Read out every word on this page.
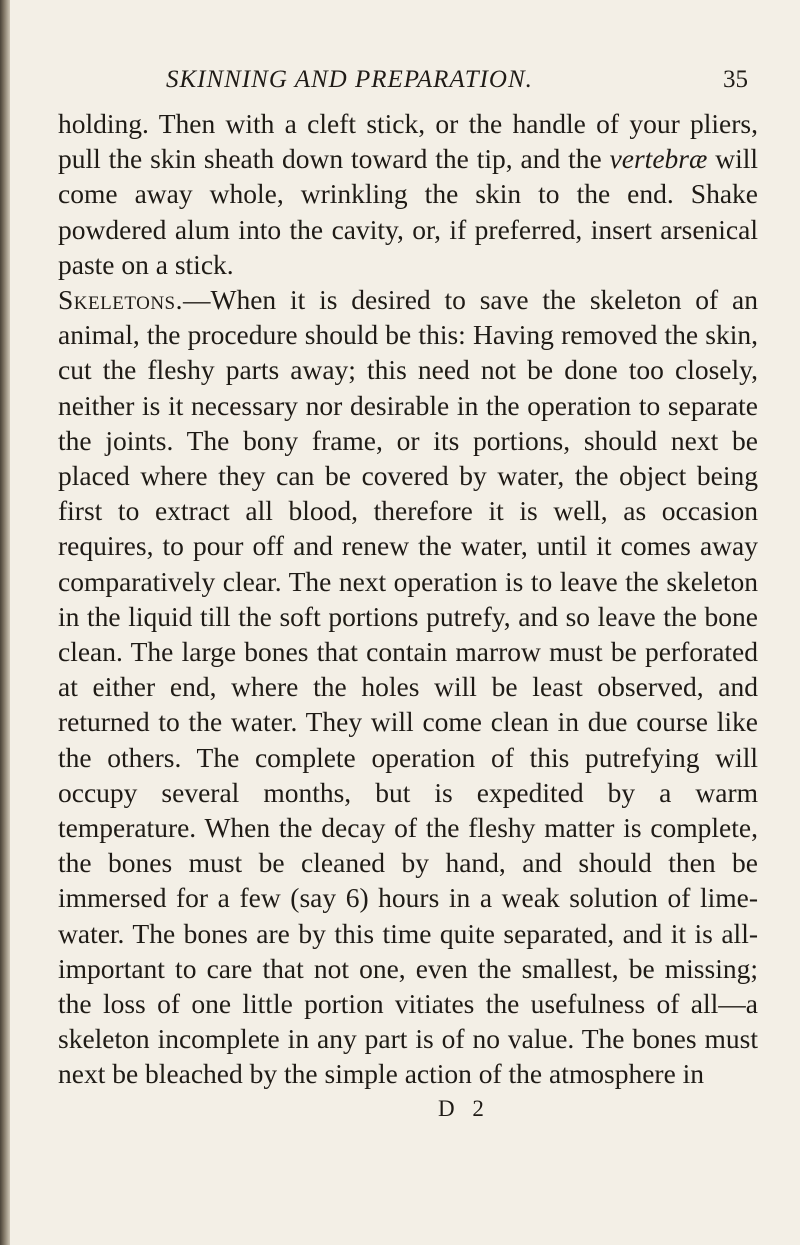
SKINNING AND PREPARATION.	35

holding. Then with a cleft stick, or the handle of your pliers, pull the skin sheath down toward the tip, and the vertebræ will come away whole, wrinkling the skin to the end. Shake powdered alum into the cavity, or, if preferred, insert arsenical paste on a stick.

Skeletons.—When it is desired to save the skeleton of an animal, the procedure should be this: Having removed the skin, cut the fleshy parts away; this need not be done too closely, neither is it necessary nor desirable in the operation to separate the joints. The bony frame, or its portions, should next be placed where they can be covered by water, the object being first to extract all blood, therefore it is well, as occasion requires, to pour off and renew the water, until it comes away comparatively clear. The next operation is to leave the skeleton in the liquid till the soft portions putrefy, and so leave the bone clean. The large bones that contain marrow must be perforated at either end, where the holes will be least observed, and returned to the water. They will come clean in due course like the others. The complete operation of this putrefying will occupy several months, but is expedited by a warm temperature. When the decay of the fleshy matter is complete, the bones must be cleaned by hand, and should then be immersed for a few (say 6) hours in a weak solution of lime-water. The bones are by this time quite separated, and it is all-important to care that not one, even the smallest, be missing; the loss of one little portion vitiates the usefulness of all—a skeleton incomplete in any part is of no value. The bones must next be bleached by the simple action of the atmosphere in

D 2
